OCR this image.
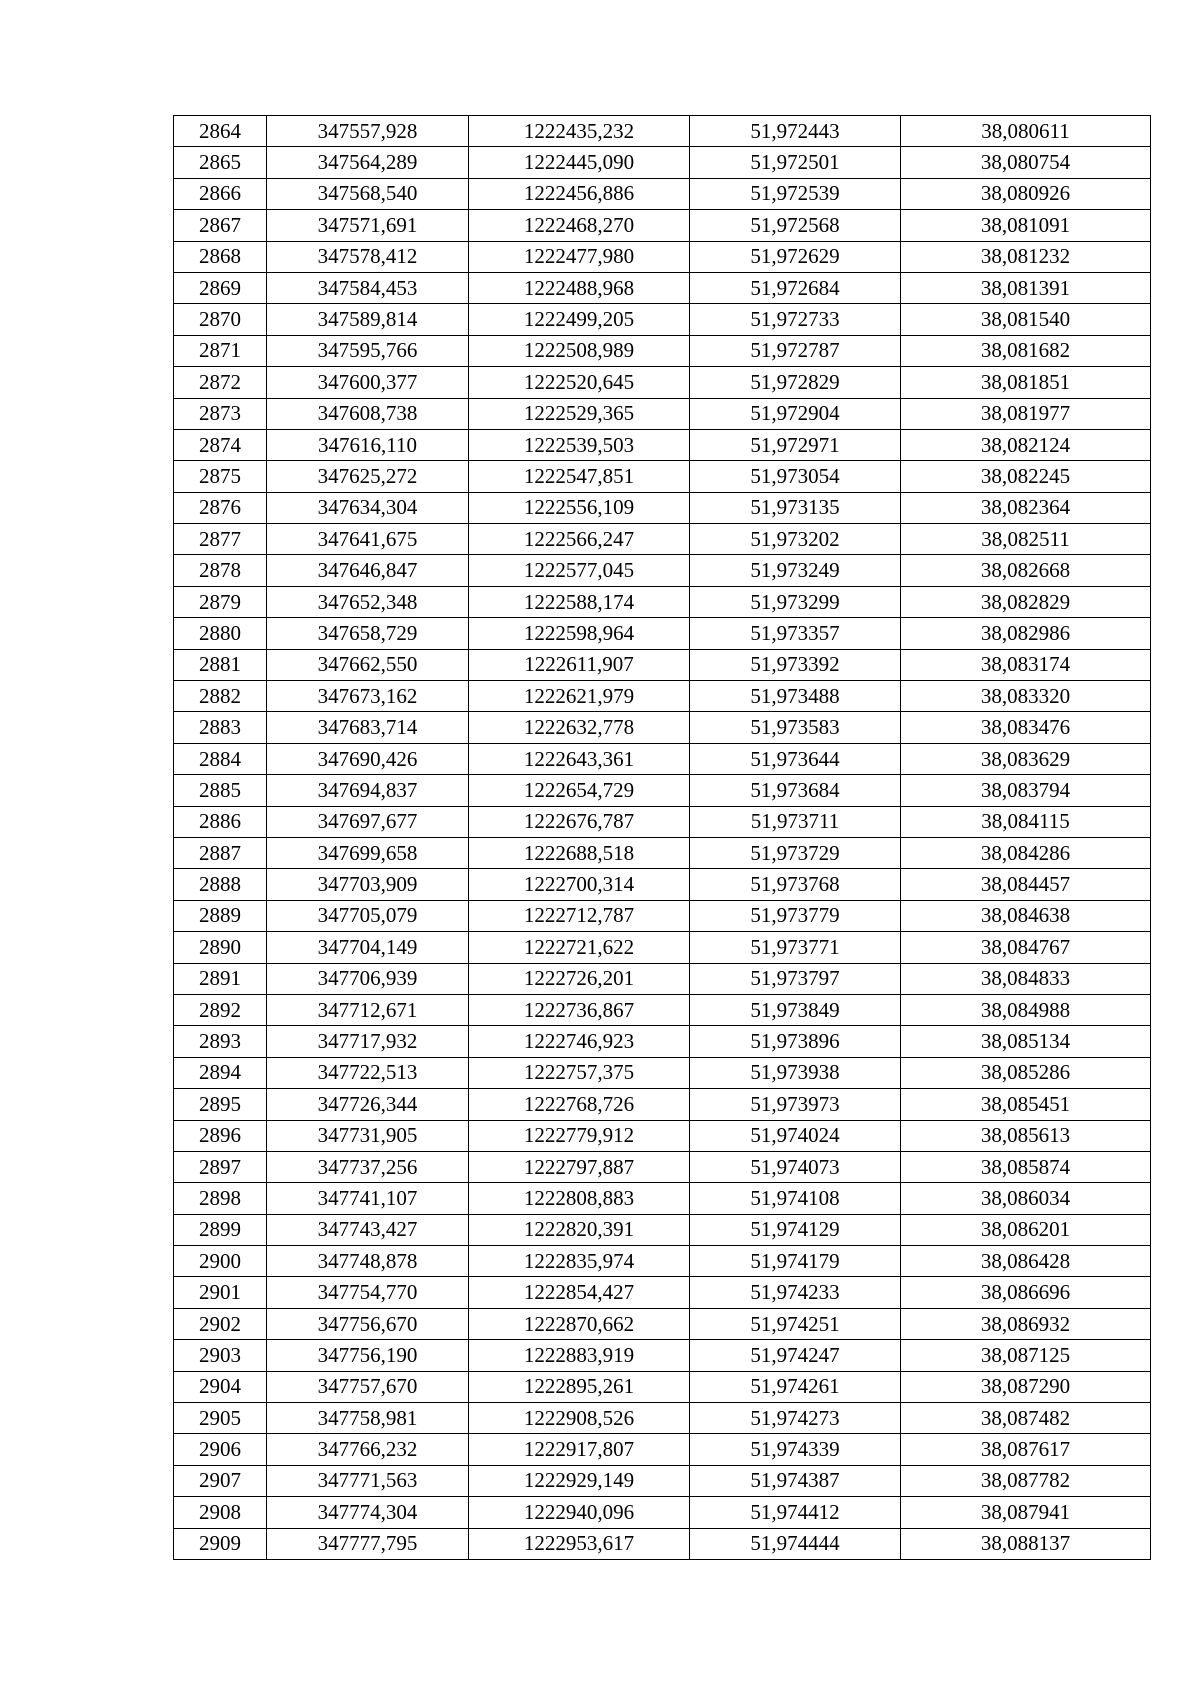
2864	347557,928	1222435,232	51,972443	38,080611
2865	347564,289	1222445,090	51,972501	38,080754
2866	347568,540	1222456,886	51,972539	38,080926
2867	347571,691	1222468,270	51,972568	38,081091
2868	347578,412	1222477,980	51,972629	38,081232
2869	347584,453	1222488,968	51,972684	38,081391
2870	347589,814	1222499,205	51,972733	38,081540
2871	347595,766	1222508,989	51,972787	38,081682
2872	347600,377	1222520,645	51,972829	38,081851
2873	347608,738	1222529,365	51,972904	38,081977
2874	347616,110	1222539,503	51,972971	38,082124
2875	347625,272	1222547,851	51,973054	38,082245
2876	347634,304	1222556,109	51,973135	38,082364
2877	347641,675	1222566,247	51,973202	38,082511
2878	347646,847	1222577,045	51,973249	38,082668
2879	347652,348	1222588,174	51,973299	38,082829
2880	347658,729	1222598,964	51,973357	38,082986
2881	347662,550	1222611,907	51,973392	38,083174
2882	347673,162	1222621,979	51,973488	38,083320
2883	347683,714	1222632,778	51,973583	38,083476
2884	347690,426	1222643,361	51,973644	38,083629
2885	347694,837	1222654,729	51,973684	38,083794
2886	347697,677	1222676,787	51,973711	38,084115
2887	347699,658	1222688,518	51,973729	38,084286
2888	347703,909	1222700,314	51,973768	38,084457
2889	347705,079	1222712,787	51,973779	38,084638
2890	347704,149	1222721,622	51,973771	38,084767
2891	347706,939	1222726,201	51,973797	38,084833
2892	347712,671	1222736,867	51,973849	38,084988
2893	347717,932	1222746,923	51,973896	38,085134
2894	347722,513	1222757,375	51,973938	38,085286
2895	347726,344	1222768,726	51,973973	38,085451
2896	347731,905	1222779,912	51,974024	38,085613
2897	347737,256	1222797,887	51,974073	38,085874
2898	347741,107	1222808,883	51,974108	38,086034
2899	347743,427	1222820,391	51,974129	38,086201
2900	347748,878	1222835,974	51,974179	38,086428
2901	347754,770	1222854,427	51,974233	38,086696
2902	347756,670	1222870,662	51,974251	38,086932
2903	347756,190	1222883,919	51,974247	38,087125
2904	347757,670	1222895,261	51,974261	38,087290
2905	347758,981	1222908,526	51,974273	38,087482
2906	347766,232	1222917,807	51,974339	38,087617
2907	347771,563	1222929,149	51,974387	38,087782
2908	347774,304	1222940,096	51,974412	38,087941
2909	347777,795	1222953,617	51,974444	38,088137
